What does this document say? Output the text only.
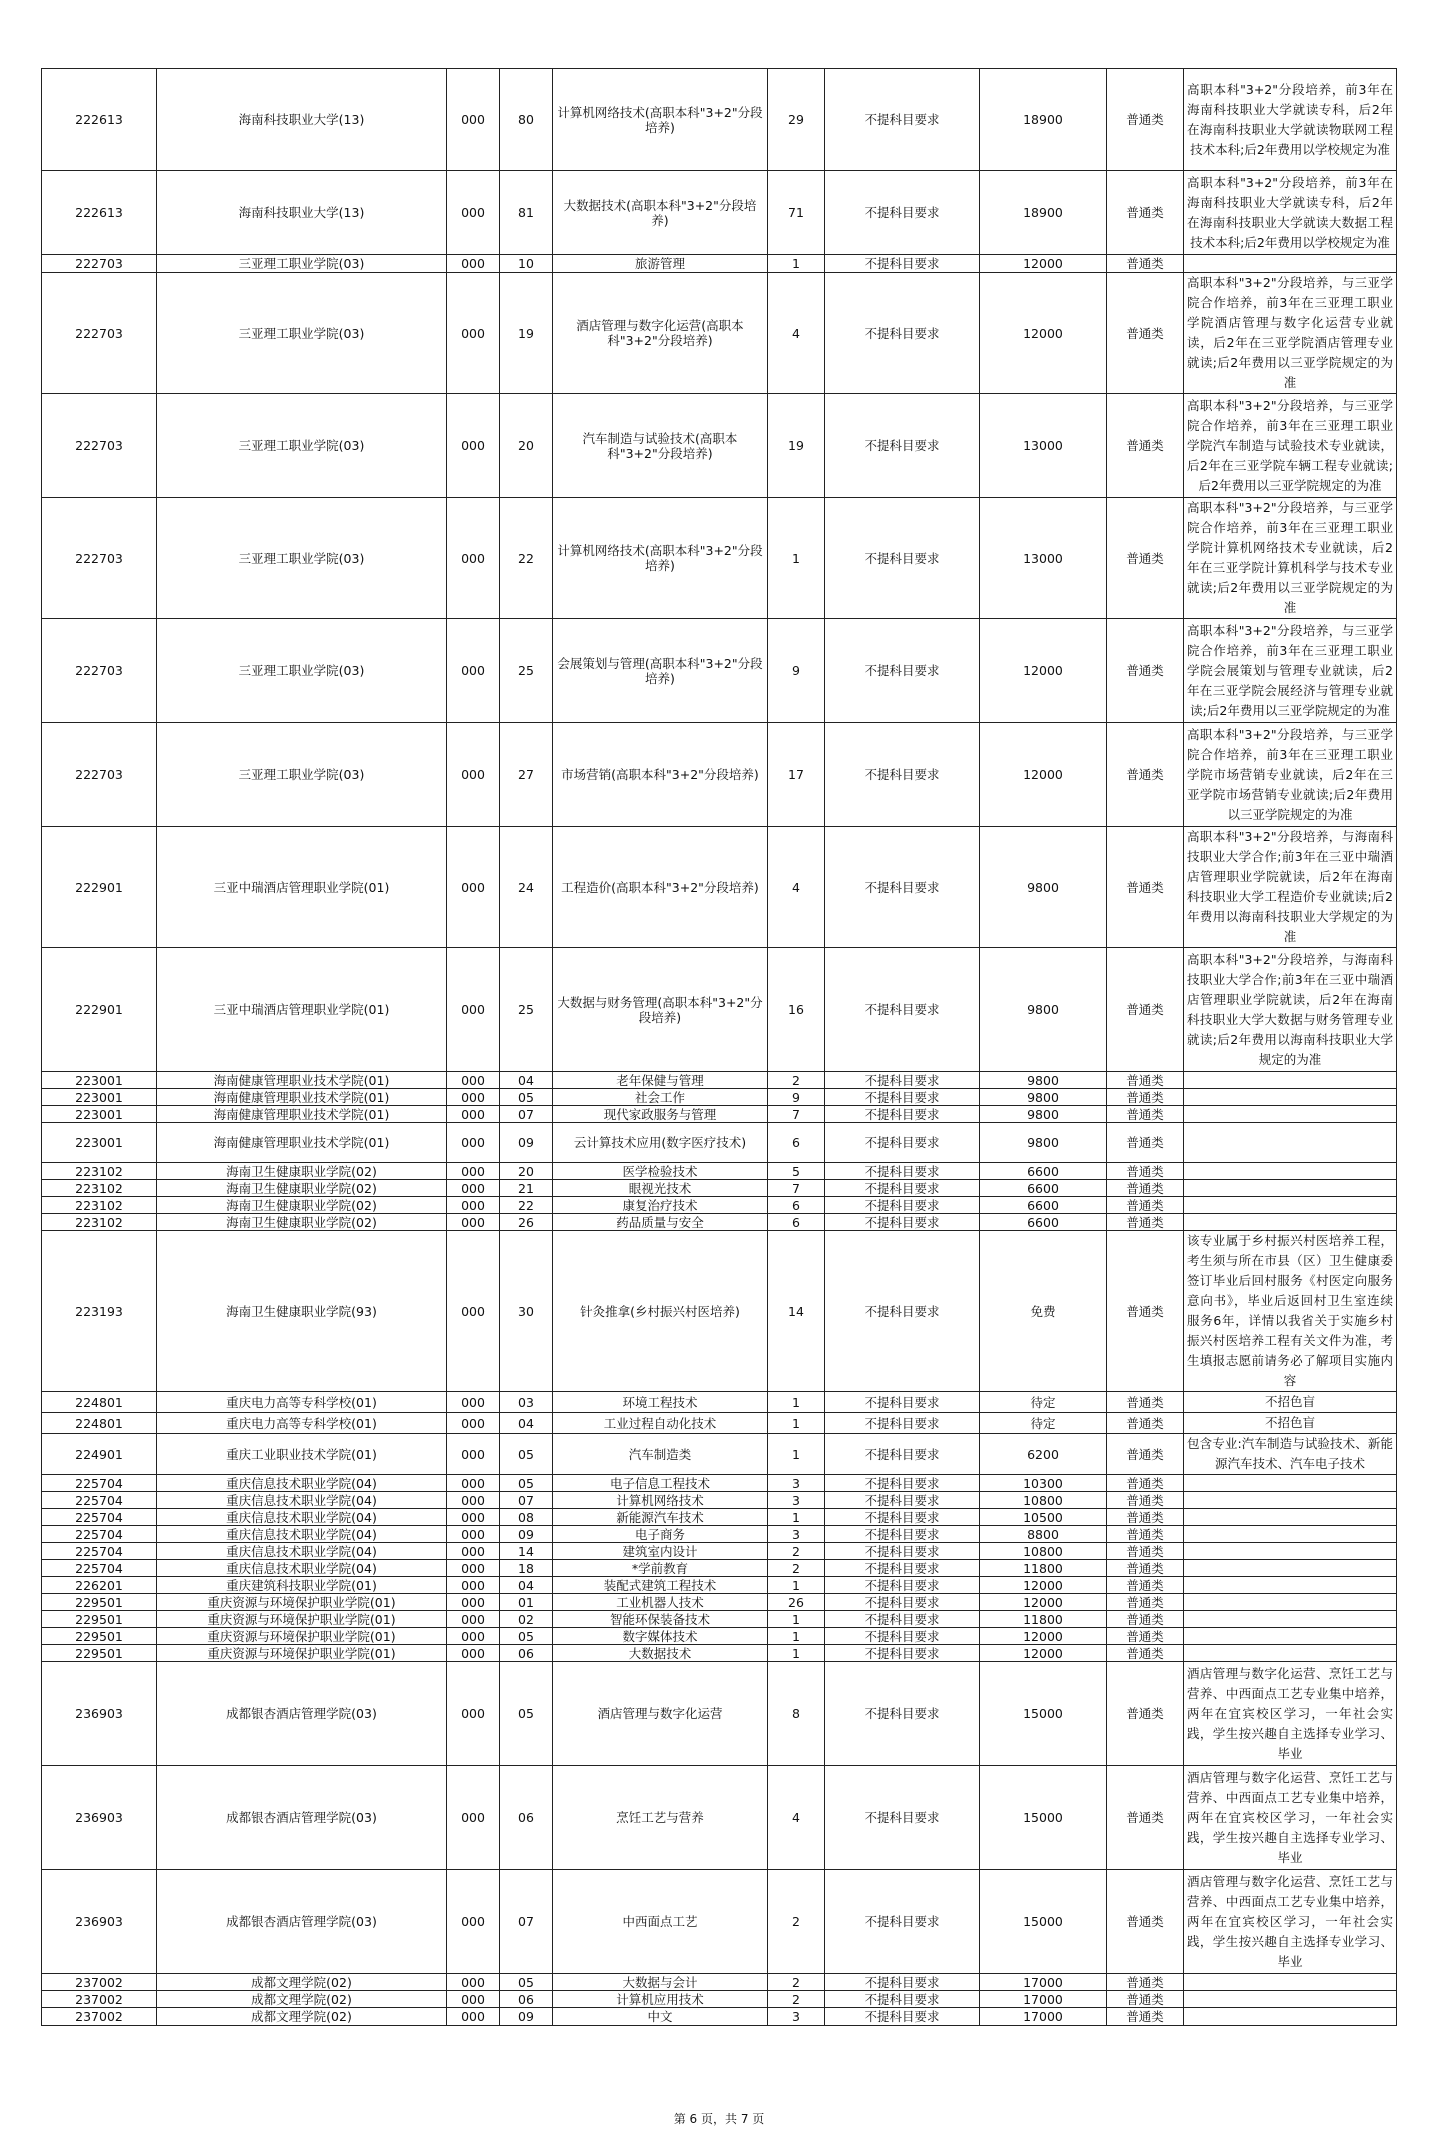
222613	海南科技职业大学(13)	000	80	计算机网络技术(高职本科"3+2"分段培养)	29	不提科目要求	18900	普通类	高职本科"3+2"分段培养，前3年在海南科技职业大学就读专科，后2年在海南科技职业大学就读物联网工程技术本科;后2年费用以学校规定为准
222613	海南科技职业大学(13)	000	81	大数据技术(高职本科"3+2"分段培养)	71	不提科目要求	18900	普通类	高职本科"3+2"分段培养，前3年在海南科技职业大学就读专科，后2年在海南科技职业大学就读大数据工程技术本科;后2年费用以学校规定为准
222703	三亚理工职业学院(03)	000	10	旅游管理	1	不提科目要求	12000	普通类	
222703	三亚理工职业学院(03)	000	19	酒店管理与数字化运营(高职本科"3+2"分段培养)	4	不提科目要求	12000	普通类	高职本科"3+2"分段培养，与三亚学院合作培养，前3年在三亚理工职业学院酒店管理与数字化运营专业就读，后2年在三亚学院酒店管理专业就读;后2年费用以三亚学院规定的为准
222703	三亚理工职业学院(03)	000	20	汽车制造与试验技术(高职本科"3+2"分段培养)	19	不提科目要求	13000	普通类	高职本科"3+2"分段培养，与三亚学院合作培养，前3年在三亚理工职业学院汽车制造与试验技术专业就读，后2年在三亚学院车辆工程专业就读;后2年费用以三亚学院规定的为准
222703	三亚理工职业学院(03)	000	22	计算机网络技术(高职本科"3+2"分段培养)	1	不提科目要求	13000	普通类	高职本科"3+2"分段培养，与三亚学院合作培养，前3年在三亚理工职业学院计算机网络技术专业就读，后2年在三亚学院计算机科学与技术专业就读;后2年费用以三亚学院规定的为准
222703	三亚理工职业学院(03)	000	25	会展策划与管理(高职本科"3+2"分段培养)	9	不提科目要求	12000	普通类	高职本科"3+2"分段培养，与三亚学院合作培养，前3年在三亚理工职业学院会展策划与管理专业就读，后2年在三亚学院会展经济与管理专业就读;后2年费用以三亚学院规定的为准
222703	三亚理工职业学院(03)	000	27	市场营销(高职本科"3+2"分段培养)	17	不提科目要求	12000	普通类	高职本科"3+2"分段培养，与三亚学院合作培养，前3年在三亚理工职业学院市场营销专业就读，后2年在三亚学院市场营销专业就读;后2年费用以三亚学院规定的为准
222901	三亚中瑞酒店管理职业学院(01)	000	24	工程造价(高职本科"3+2"分段培养)	4	不提科目要求	9800	普通类	高职本科"3+2"分段培养，与海南科技职业大学合作;前3年在三亚中瑞酒店管理职业学院就读，后2年在海南科技职业大学工程造价专业就读;后2年费用以海南科技职业大学规定的为准
222901	三亚中瑞酒店管理职业学院(01)	000	25	大数据与财务管理(高职本科"3+2"分段培养)	16	不提科目要求	9800	普通类	高职本科"3+2"分段培养，与海南科技职业大学合作;前3年在三亚中瑞酒店管理职业学院就读，后2年在海南科技职业大学大数据与财务管理专业就读;后2年费用以海南科技职业大学规定的为准
223001	海南健康管理职业技术学院(01)	000	04	老年保健与管理	2	不提科目要求	9800	普通类	
223001	海南健康管理职业技术学院(01)	000	05	社会工作	9	不提科目要求	9800	普通类	
223001	海南健康管理职业技术学院(01)	000	07	现代家政服务与管理	7	不提科目要求	9800	普通类	
223001	海南健康管理职业技术学院(01)	000	09	云计算技术应用(数字医疗技术)	6	不提科目要求	9800	普通类	
223102	海南卫生健康职业学院(02)	000	20	医学检验技术	5	不提科目要求	6600	普通类	
223102	海南卫生健康职业学院(02)	000	21	眼视光技术	7	不提科目要求	6600	普通类	
223102	海南卫生健康职业学院(02)	000	22	康复治疗技术	6	不提科目要求	6600	普通类	
223102	海南卫生健康职业学院(02)	000	26	药品质量与安全	6	不提科目要求	6600	普通类	
223193	海南卫生健康职业学院(93)	000	30	针灸推拿(乡村振兴村医培养)	14	不提科目要求	免费	普通类	该专业属于乡村振兴村医培养工程，考生须与所在市县（区）卫生健康委签订毕业后回村服务《村医定向服务意向书》，毕业后返回村卫生室连续服务6年，详情以我省关于实施乡村振兴村医培养工程有关文件为准，考生填报志愿前请务必了解项目实施内容
224801	重庆电力高等专科学校(01)	000	03	环境工程技术	1	不提科目要求	待定	普通类	不招色盲
224801	重庆电力高等专科学校(01)	000	04	工业过程自动化技术	1	不提科目要求	待定	普通类	不招色盲
224901	重庆工业职业技术学院(01)	000	05	汽车制造类	1	不提科目要求	6200	普通类	包含专业:汽车制造与试验技术、新能源汽车技术、汽车电子技术
225704	重庆信息技术职业学院(04)	000	05	电子信息工程技术	3	不提科目要求	10300	普通类	
225704	重庆信息技术职业学院(04)	000	07	计算机网络技术	3	不提科目要求	10800	普通类	
225704	重庆信息技术职业学院(04)	000	08	新能源汽车技术	1	不提科目要求	10500	普通类	
225704	重庆信息技术职业学院(04)	000	09	电子商务	3	不提科目要求	8800	普通类	
225704	重庆信息技术职业学院(04)	000	14	建筑室内设计	2	不提科目要求	10800	普通类	
225704	重庆信息技术职业学院(04)	000	18	*学前教育	2	不提科目要求	11800	普通类	
226201	重庆建筑科技职业学院(01)	000	04	装配式建筑工程技术	1	不提科目要求	12000	普通类	
229501	重庆资源与环境保护职业学院(01)	000	01	工业机器人技术	26	不提科目要求	12000	普通类	
229501	重庆资源与环境保护职业学院(01)	000	02	智能环保装备技术	1	不提科目要求	11800	普通类	
229501	重庆资源与环境保护职业学院(01)	000	05	数字媒体技术	1	不提科目要求	12000	普通类	
229501	重庆资源与环境保护职业学院(01)	000	06	大数据技术	1	不提科目要求	12000	普通类	
236903	成都银杏酒店管理学院(03)	000	05	酒店管理与数字化运营	8	不提科目要求	15000	普通类	酒店管理与数字化运营、烹饪工艺与营养、中西面点工艺专业集中培养，两年在宜宾校区学习，一年社会实践，学生按兴趣自主选择专业学习、毕业
236903	成都银杏酒店管理学院(03)	000	06	烹饪工艺与营养	4	不提科目要求	15000	普通类	酒店管理与数字化运营、烹饪工艺与营养、中西面点工艺专业集中培养，两年在宜宾校区学习，一年社会实践，学生按兴趣自主选择专业学习、毕业
236903	成都银杏酒店管理学院(03)	000	07	中西面点工艺	2	不提科目要求	15000	普通类	酒店管理与数字化运营、烹饪工艺与营养、中西面点工艺专业集中培养，两年在宜宾校区学习，一年社会实践，学生按兴趣自主选择专业学习、毕业
237002	成都文理学院(02)	000	05	大数据与会计	2	不提科目要求	17000	普通类	
237002	成都文理学院(02)	000	06	计算机应用技术	2	不提科目要求	17000	普通类	
237002	成都文理学院(02)	000	09	中文	3	不提科目要求	17000	普通类	
第 6 页，共 7 页
